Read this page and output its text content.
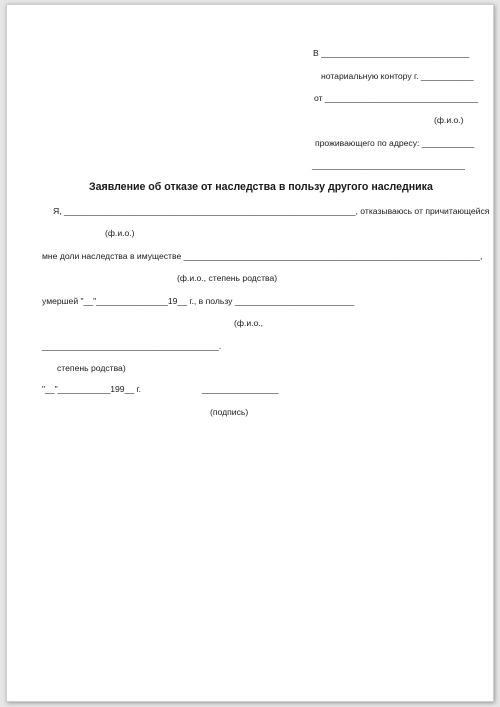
В _______________________________
нотариальную контору г. ___________
от ________________________________
(ф.и.о.)
проживающего по адресу: ___________
________________________________
Заявление об отказе от наследства в пользу другого наследника
Я, _____________________________________________________________, отказываюсь от причитающейся
(ф.и.о.)
мне доли наследства в имуществе ______________________________________________________________,
(ф.и.о., степень родства)
умершей "__"_______________19__ г., в пользу _________________________
(ф.и.о.,
_____________________________________.
степень родства)
"__"___________199__ г.	________________
(подпись)
